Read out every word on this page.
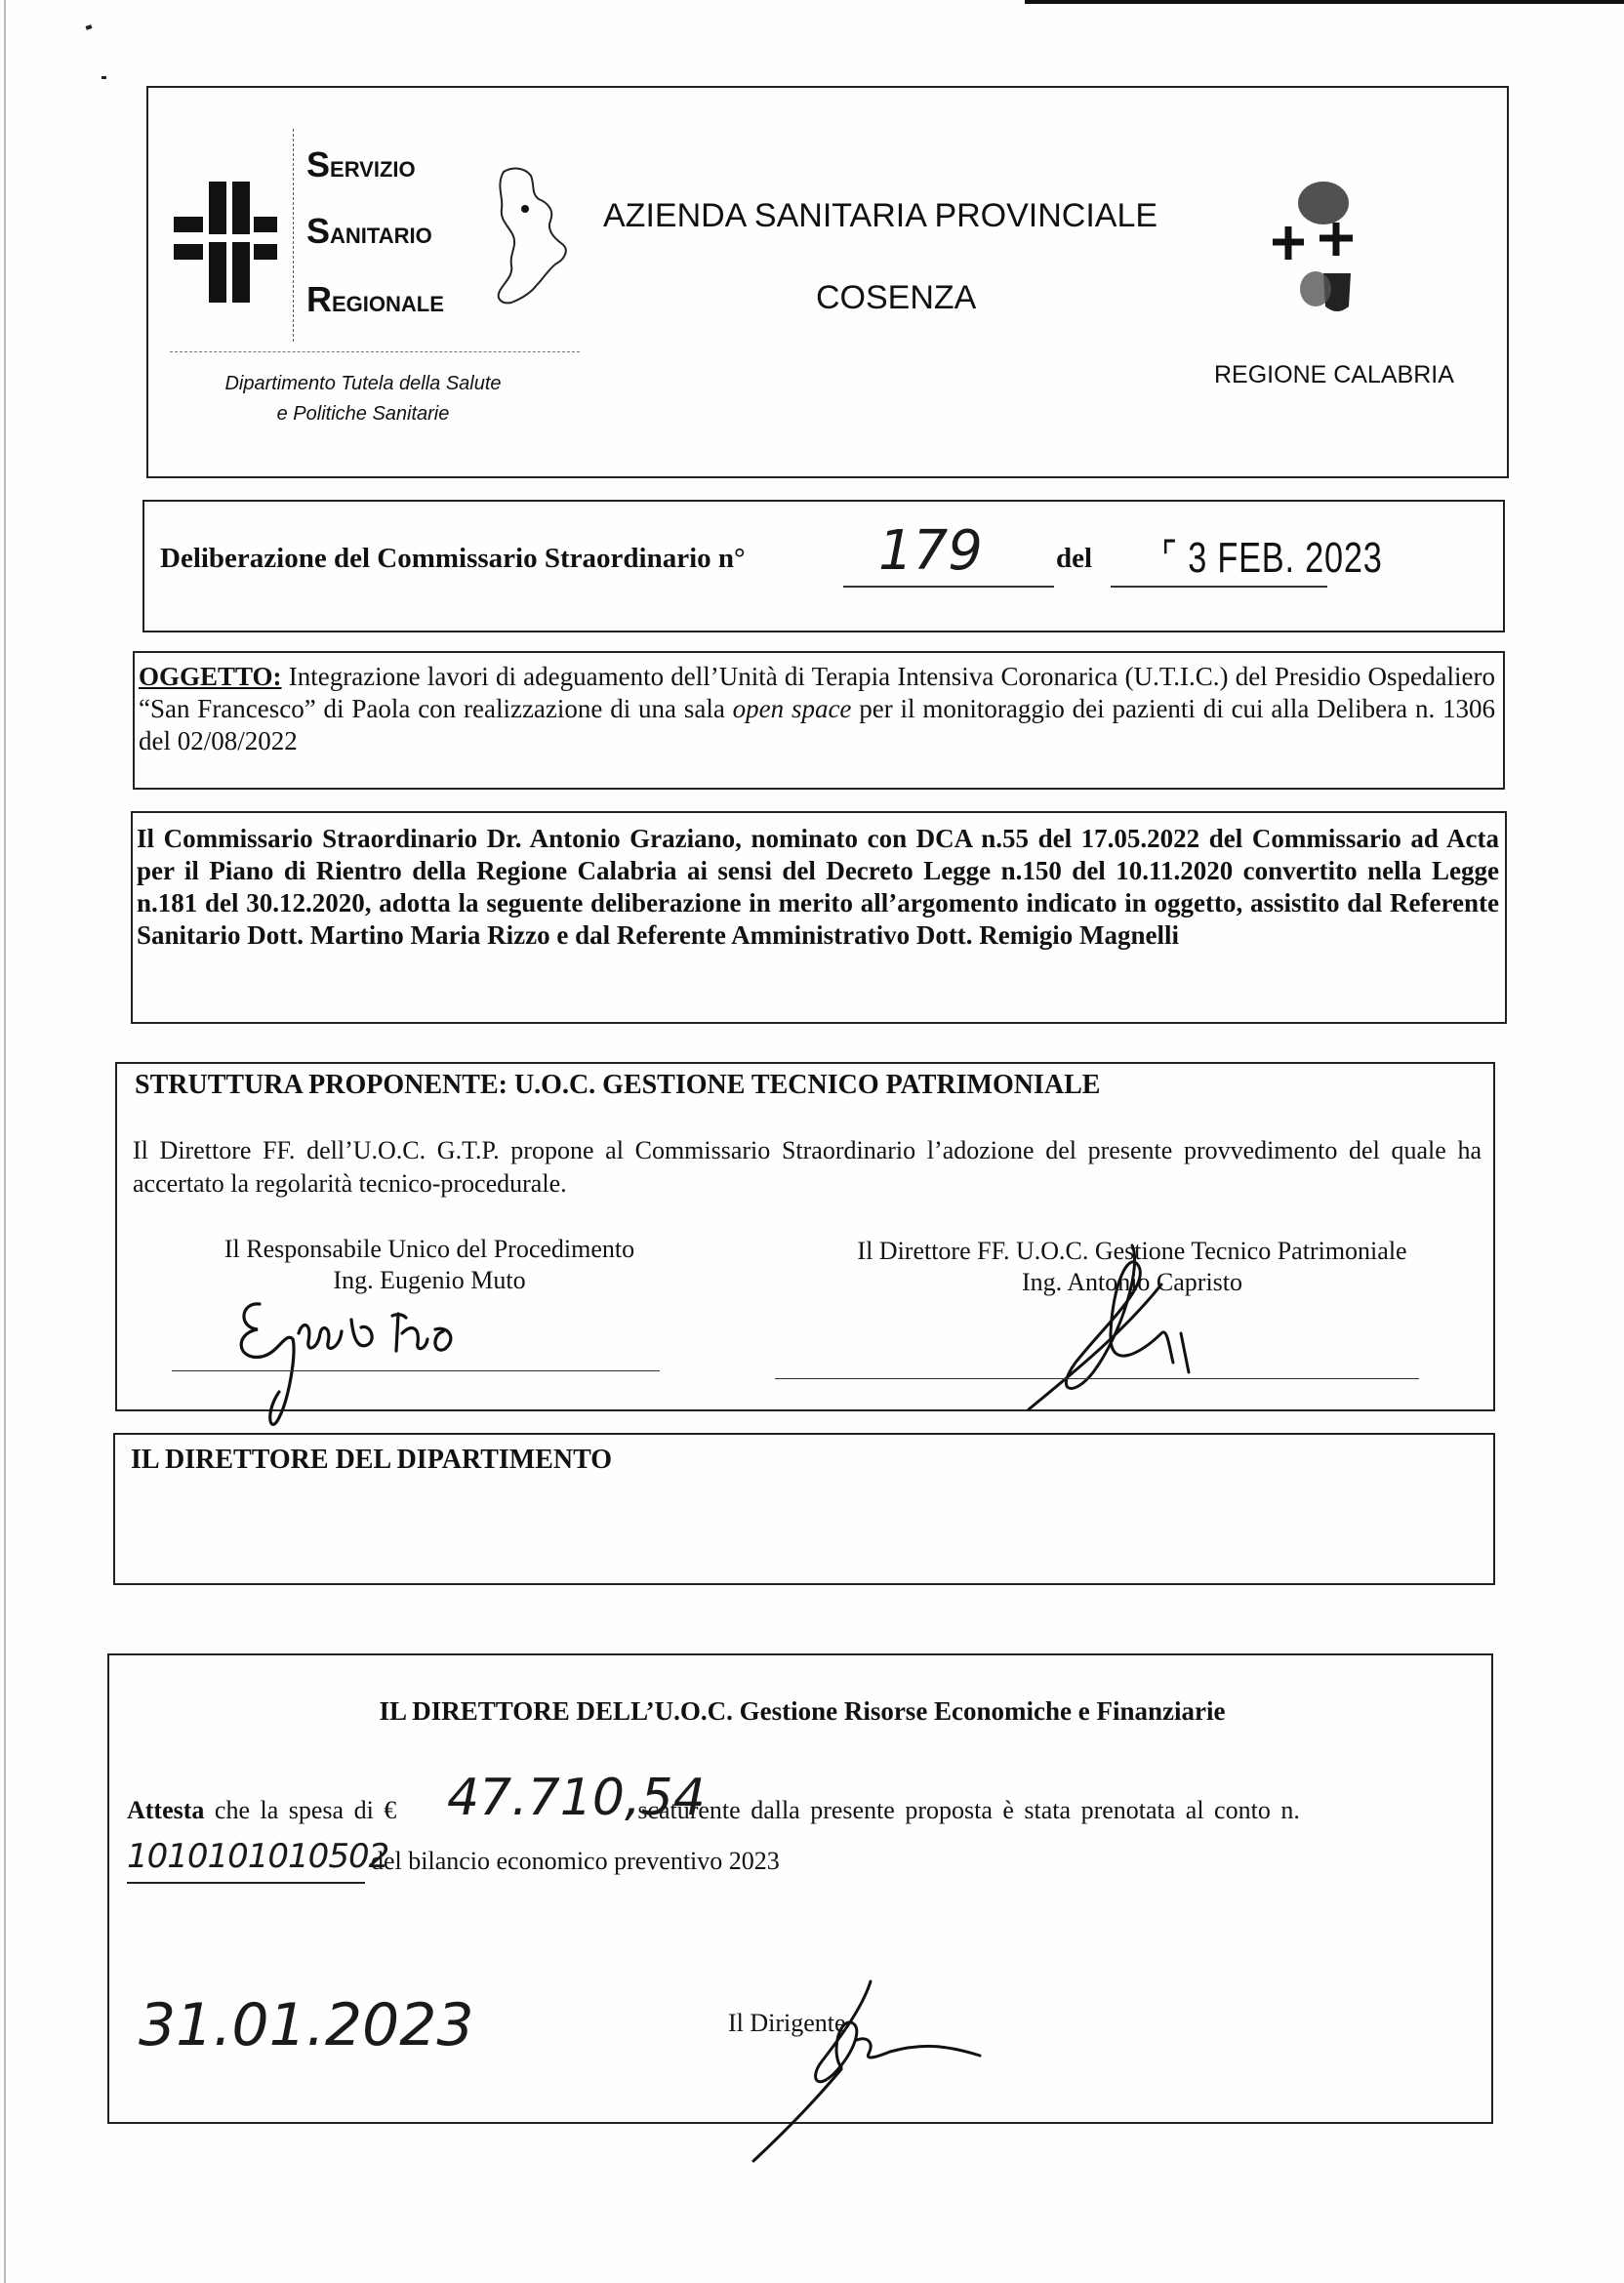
SERVIZIO
SANITARIO
REGIONALE
Dipartimento Tutela della Salute
e Politiche Sanitarie
AZIENDA SANITARIA PROVINCIALE
COSENZA
REGIONE CALABRIA
Deliberazione del Commissario Straordinario n° 179	del ⌜ 3 FEB. 2023
OGGETTO: Integrazione lavori di adeguamento dell’Unità di Terapia Intensiva Coronarica (U.T.I.C.) del Presidio Ospedaliero “San Francesco” di Paola con realizzazione di una sala open space per il monitoraggio dei pazienti di cui alla Delibera n. 1306 del 02/08/2022
Il Commissario Straordinario Dr. Antonio Graziano, nominato con DCA n.55 del 17.05.2022 del Commissario ad Acta per il Piano di Rientro della Regione Calabria ai sensi del Decreto Legge n.150 del 10.11.2020 convertito nella Legge n.181 del 30.12.2020, adotta la seguente deliberazione in merito all’argomento indicato in oggetto, assistito dal Referente Sanitario Dott. Martino Maria Rizzo e dal Referente Amministrativo Dott. Remigio Magnelli
STRUTTURA PROPONENTE: U.O.C. GESTIONE TECNICO PATRIMONIALE
Il Direttore FF. dell’U.O.C. G.T.P. propone al Commissario Straordinario l’adozione del presente provvedimento del quale ha accertato la regolarità tecnico-procedurale.
Il Responsabile Unico del Procedimento
Ing. Eugenio Muto
Il Direttore FF. U.O.C. Gestione Tecnico Patrimoniale
Ing. Antonio Capristo
IL DIRETTORE DEL DIPARTIMENTO
IL DIRETTORE DELL’U.O.C. Gestione Risorse Economiche e Finanziarie
Attesta che la spesa di €	scaturente dalla presente proposta è stata prenotata al conto n.
47.710,54
del bilancio economico preventivo 2023
1010101010502
31.01.2023	Il Dirigente
